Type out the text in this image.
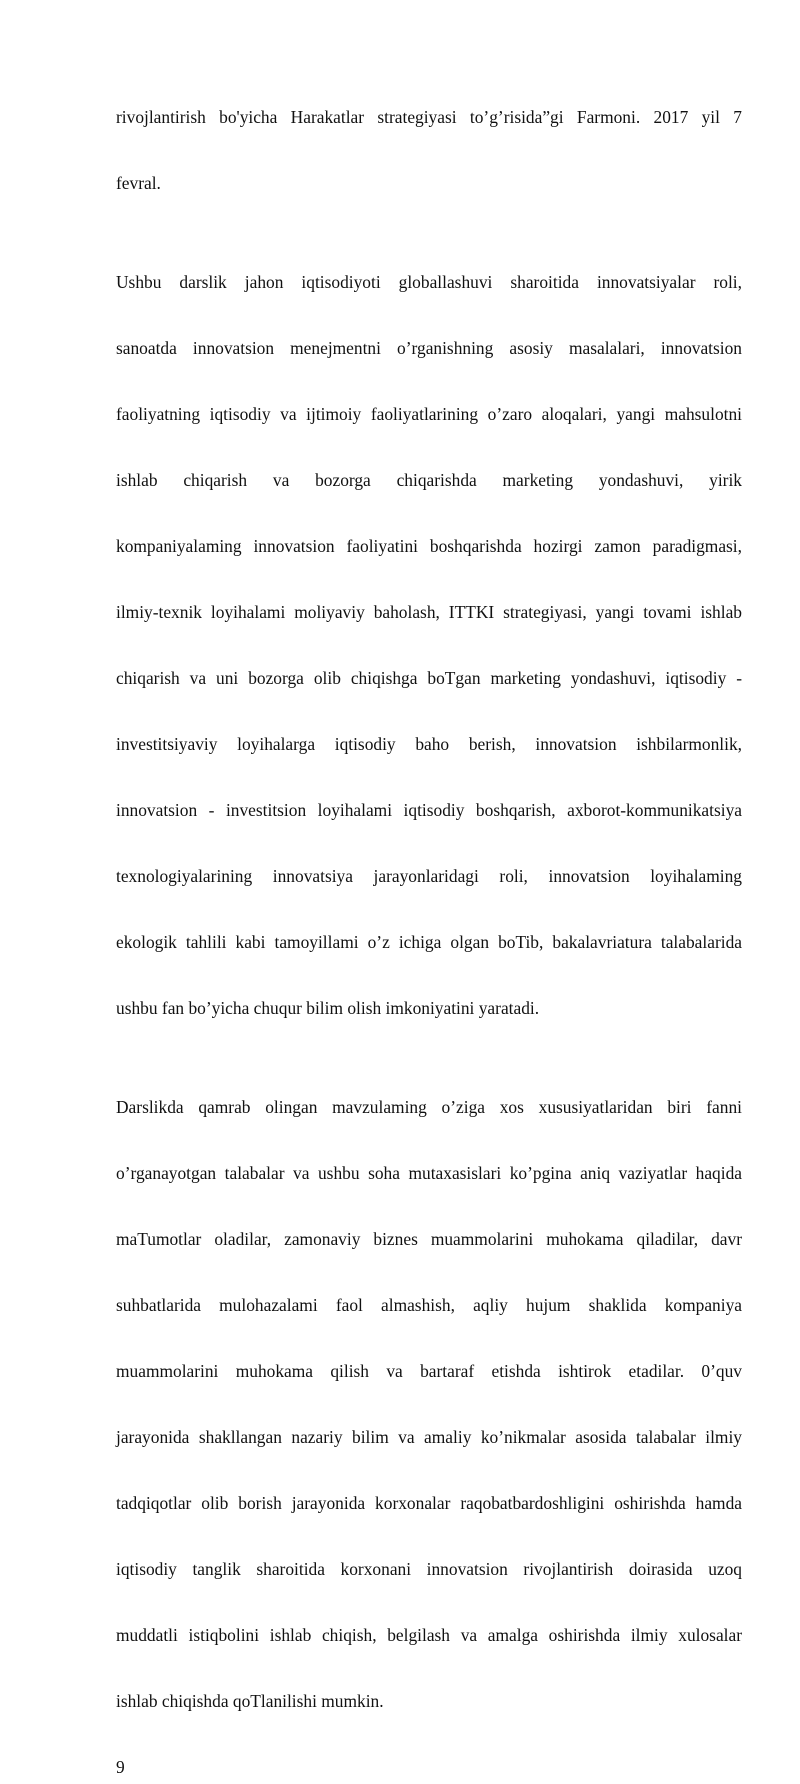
rivojlantirish bo'yicha Harakatlar strategiyasi to’g’risida”gi Farmoni. 2017 yil 7

fevral.

Ushbu darslik jahon iqtisodiyoti globallashuvi sharoitida innovatsiyalar roli,

sanoatda innovatsion menejmentni o’rganishning asosiy masalalari, innovatsion

faoliyatning iqtisodiy va ijtimoiy faoliyatlarining o’zaro aloqalari, yangi mahsulotni

ishlab chiqarish va bozorga chiqarishda marketing yondashuvi, yirik

kompaniyalaming innovatsion faoliyatini boshqarishda hozirgi zamon paradigmasi,

ilmiy-texnik loyihalami moliyaviy baholash, ITTKI strategiyasi, yangi tovami ishlab

chiqarish va uni bozorga olib chiqishga boTgan marketing yondashuvi, iqtisodiy -

investitsiyaviy loyihalarga iqtisodiy baho berish, innovatsion ishbilarmonlik,

innovatsion - investitsion loyihalami iqtisodiy boshqarish, axborot-kommunikatsiya

texnologiyalarining innovatsiya jarayonlaridagi roli, innovatsion loyihalaming

ekologik tahlili kabi tamoyillami o’z ichiga olgan boTib, bakalavriatura talabalarida

ushbu fan bo’yicha chuqur bilim olish imkoniyatini yaratadi.

Darslikda qamrab olingan mavzulaming o’ziga xos xususiyatlaridan biri fanni

o’rganayotgan talabalar va ushbu soha mutaxasislari ko’pgina aniq vaziyatlar haqida

maTumotlar oladilar, zamonaviy biznes muammolarini muhokama qiladilar, davr

suhbatlarida mulohazalami faol almashish, aqliy hujum shaklida kompaniya

muammolarini muhokama qilish va bartaraf etishda ishtirok etadilar. 0’quv

jarayonida shakllangan nazariy bilim va amaliy ko’nikmalar asosida talabalar ilmiy

tadqiqotlar olib borish jarayonida korxonalar raqobatbardoshligini oshirishda hamda

iqtisodiy tanglik sharoitida korxonani innovatsion rivojlantirish doirasida uzoq

muddatli istiqbolini ishlab chiqish, belgilash va amalga oshirishda ilmiy xulosalar

ishlab chiqishda qoTlanilishi mumkin.

9
